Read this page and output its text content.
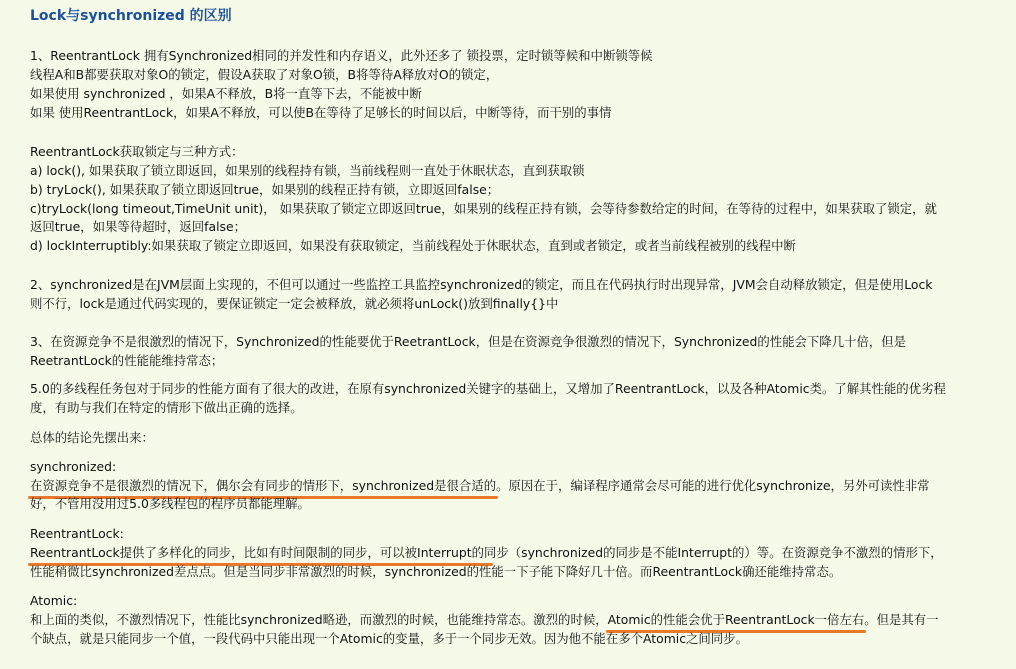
Lock与synchronized 的区别
1、ReentrantLock 拥有Synchronized相同的并发性和内存语义，此外还多了 锁投票，定时锁等候和中断锁等候
线程A和B都要获取对象O的锁定，假设A获取了对象O锁，B将等待A释放对O的锁定，
如果使用 synchronized ，如果A不释放，B将一直等下去，不能被中断
如果 使用ReentrantLock，如果A不释放，可以使B在等待了足够长的时间以后，中断等待，而干别的事情
ReentrantLock获取锁定与三种方式：
a) lock(), 如果获取了锁立即返回，如果别的线程持有锁，当前线程则一直处于休眠状态，直到获取锁
b) tryLock(), 如果获取了锁立即返回true，如果别的线程正持有锁，立即返回false；
c)tryLock(long timeout,TimeUnit unit)， 如果获取了锁定立即返回true，如果别的线程正持有锁，会等待参数给定的时间，在等待的过程中，如果获取了锁定，就
返回true，如果等待超时，返回false；
d) lockInterruptibly:如果获取了锁定立即返回，如果没有获取锁定，当前线程处于休眠状态，直到或者锁定，或者当前线程被别的线程中断
2、synchronized是在JVM层面上实现的，不但可以通过一些监控工具监控synchronized的锁定，而且在代码执行时出现异常，JVM会自动释放锁定，但是使用Lock
则不行，lock是通过代码实现的，要保证锁定一定会被释放，就必须将unLock()放到finally{}中
3、在资源竞争不是很激烈的情况下，Synchronized的性能要优于ReetrantLock，但是在资源竞争很激烈的情况下，Synchronized的性能会下降几十倍，但是
ReetrantLock的性能能维持常态；
5.0的多线程任务包对于同步的性能方面有了很大的改进，在原有synchronized关键字的基础上，又增加了ReentrantLock，以及各种Atomic类。了解其性能的优劣程
度，有助与我们在特定的情形下做出正确的选择。
总体的结论先摆出来：
synchronized:
在资源竞争不是很激烈的情况下，偶尔会有同步的情形下，synchronized是很合适的
。原因在于，编译程序通常会尽可能的进行优化synchronize，另外可读性非常
好，不管用没用过5.0多线程包的程序员都能理解。
ReentrantLock:
ReentrantLock提供了多样化的同步，比如有时间限制的同步，可以被Interrupt的同步（synchronized的同步是不能Interrupt的）
等。在资源竞争不激烈的情形下，
性能稍微比synchronized差点点。但是当同步非常激烈的时候，synchronized的性能一下子能下降好几十倍。而ReentrantLock确还能维持常态。
Atomic:
和上面的类似，不激烈情况下，性能比synchronized略逊，而激烈的时候，也能维持常态。激烈的时候，Atomic的性能会优于ReentrantLock一倍左右
。但是其有一
个缺点，就是只能同步一个值，一段代码中只能出现一个Atomic的变量，多于一个同步无效。因为他不能在多个Atomic之间同步。
